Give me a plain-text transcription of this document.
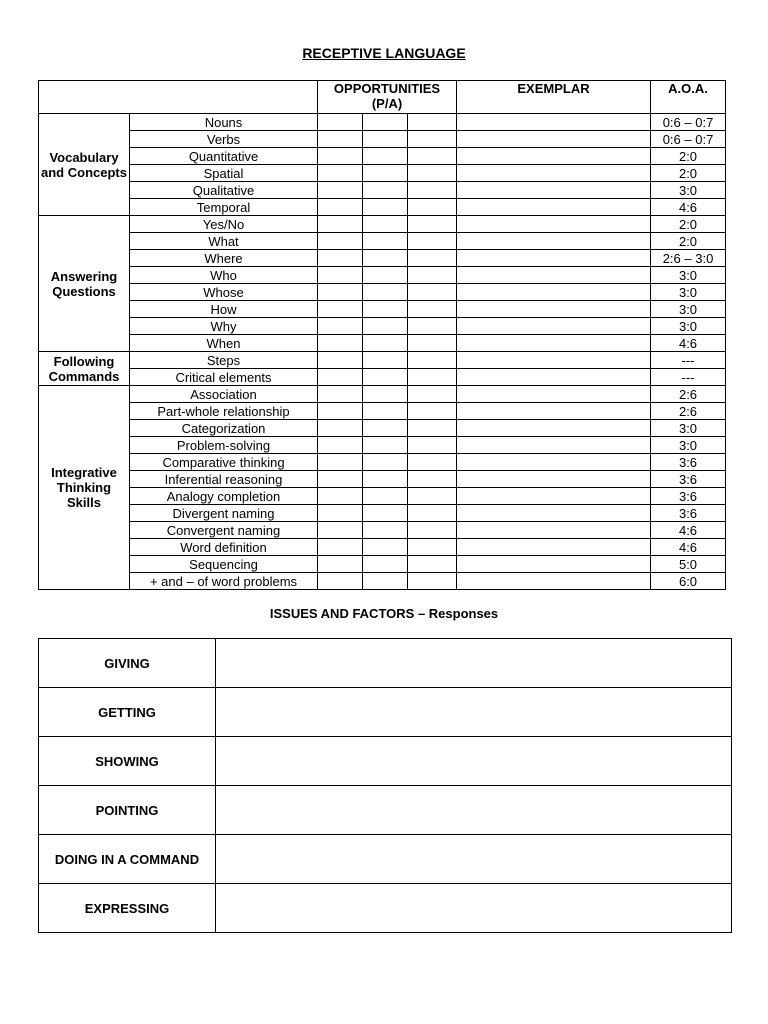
RECEPTIVE LANGUAGE

		OPPORTUNITIES (P/A)			EXEMPLAR	A.O.A.
Vocabulary and Concepts	Nouns					0:6 – 0:7
	Verbs					0:6 – 0:7
	Quantitative					2:0
	Spatial					2:0
	Qualitative					3:0
	Temporal					4:6
Answering Questions	Yes/No					2:0
	What					2:0
	Where					2:6 – 3:0
	Who					3:0
	Whose					3:0
	How					3:0
	Why					3:0
	When					4:6
Following Commands	Steps					---
	Critical elements					---
Integrative Thinking Skills	Association					2:6
	Part-whole relationship					2:6
	Categorization					3:0
	Problem-solving					3:0
	Comparative thinking					3:6
	Inferential reasoning					3:6
	Analogy completion					3:6
	Divergent naming					3:6
	Convergent naming					4:6
	Word definition					4:6
	Sequencing					5:0
	+ and – of word problems					6:0
ISSUES AND FACTORS – Responses
GIVING	
GETTING	
SHOWING	
POINTING	
DOING IN A COMMAND	
EXPRESSING	
